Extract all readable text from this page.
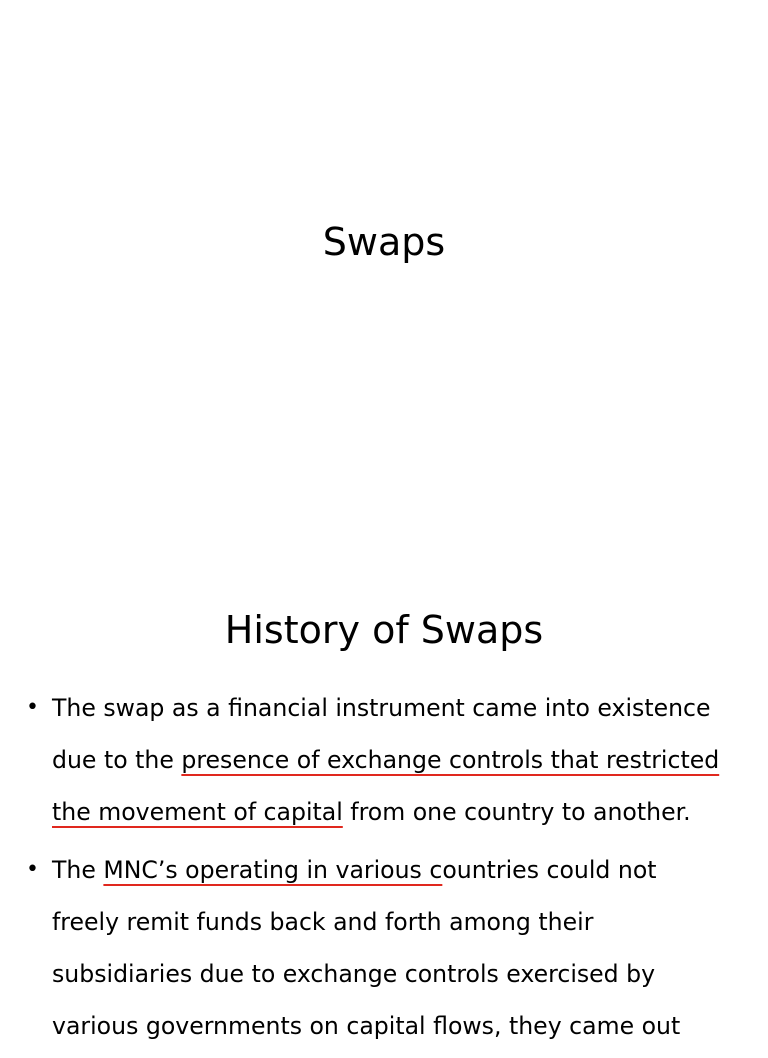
Swaps
History of Swaps
• The swap as a financial instrument came into existence
due to the presence of exchange controls that restricted
the movement of capital from one country to another.
• The MNC’s operating in various countries could not
freely remit funds back and forth among their
subsidiaries due to exchange controls exercised by
various governments on capital flows, they came out
